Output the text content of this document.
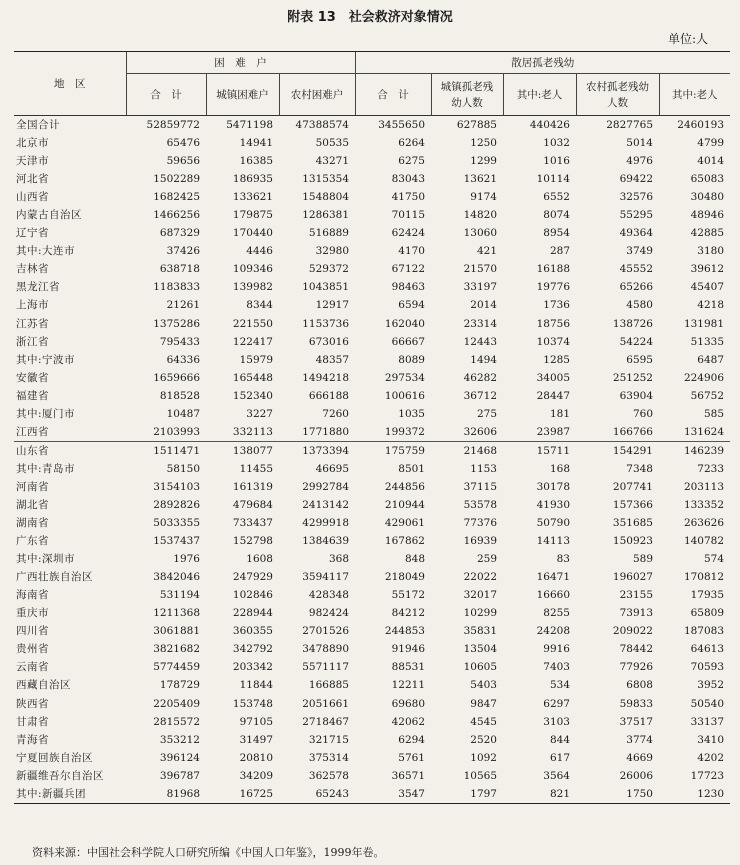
附表 13　社会救济对象情况
单位:人
地　区	困　难　户			散居孤老残幼				
	合　计	城镇困难户	农村困难户	合　计	城镇孤老残幼人数	其中:老人	农村孤老残幼人数	其中:老人
全国合计	52859772	5471198	47388574	3455650	627885	440426	2827765	2460193
北京市	65476	14941	50535	6264	1250	1032	5014	4799
天津市	59656	16385	43271	6275	1299	1016	4976	4014
河北省	1502289	186935	1315354	83043	13621	10114	69422	65083
山西省	1682425	133621	1548804	41750	9174	6552	32576	30480
内蒙古自治区	1466256	179875	1286381	70115	14820	8074	55295	48946
辽宁省	687329	170440	516889	62424	13060	8954	49364	42885
其中:大连市	37426	4446	32980	4170	421	287	3749	3180
吉林省	638718	109346	529372	67122	21570	16188	45552	39612
黑龙江省	1183833	139982	1043851	98463	33197	19776	65266	45407
上海市	21261	8344	12917	6594	2014	1736	4580	4218
江苏省	1375286	221550	1153736	162040	23314	18756	138726	131981
浙江省	795433	122417	673016	66667	12443	10374	54224	51335
其中:宁波市	64336	15979	48357	8089	1494	1285	6595	6487
安徽省	1659666	165448	1494218	297534	46282	34005	251252	224906
福建省	818528	152340	666188	100616	36712	28447	63904	56752
其中:厦门市	10487	3227	7260	1035	275	181	760	585
江西省	2103993	332113	1771880	199372	32606	23987	166766	131624
山东省	1511471	138077	1373394	175759	21468	15711	154291	146239
其中:青岛市	58150	11455	46695	8501	1153	168	7348	7233
河南省	3154103	161319	2992784	244856	37115	30178	207741	203113
湖北省	2892826	479684	2413142	210944	53578	41930	157366	133352
湖南省	5033355	733437	4299918	429061	77376	50790	351685	263626
广东省	1537437	152798	1384639	167862	16939	14113	150923	140782
其中:深圳市	1976	1608	368	848	259	83	589	574
广西壮族自治区	3842046	247929	3594117	218049	22022	16471	196027	170812
海南省	531194	102846	428348	55172	32017	16660	23155	17935
重庆市	1211368	228944	982424	84212	10299	8255	73913	65809
四川省	3061881	360355	2701526	244853	35831	24208	209022	187083
贵州省	3821682	342792	3478890	91946	13504	9916	78442	64613
云南省	5774459	203342	5571117	88531	10605	7403	77926	70593
西藏自治区	178729	11844	166885	12211	5403	534	6808	3952
陕西省	2205409	153748	2051661	69680	9847	6297	59833	50540
甘肃省	2815572	97105	2718467	42062	4545	3103	37517	33137
青海省	353212	31497	321715	6294	2520	844	3774	3410
宁夏回族自治区	396124	20810	375314	5761	1092	617	4669	4202
新疆维吾尔自治区	396787	34209	362578	36571	10565	3564	26006	17723
其中:新疆兵团	81968	16725	65243	3547	1797	821	1750	1230
资料来源：中国社会科学院人口研究所编《中国人口年鉴》，1999年卷。
